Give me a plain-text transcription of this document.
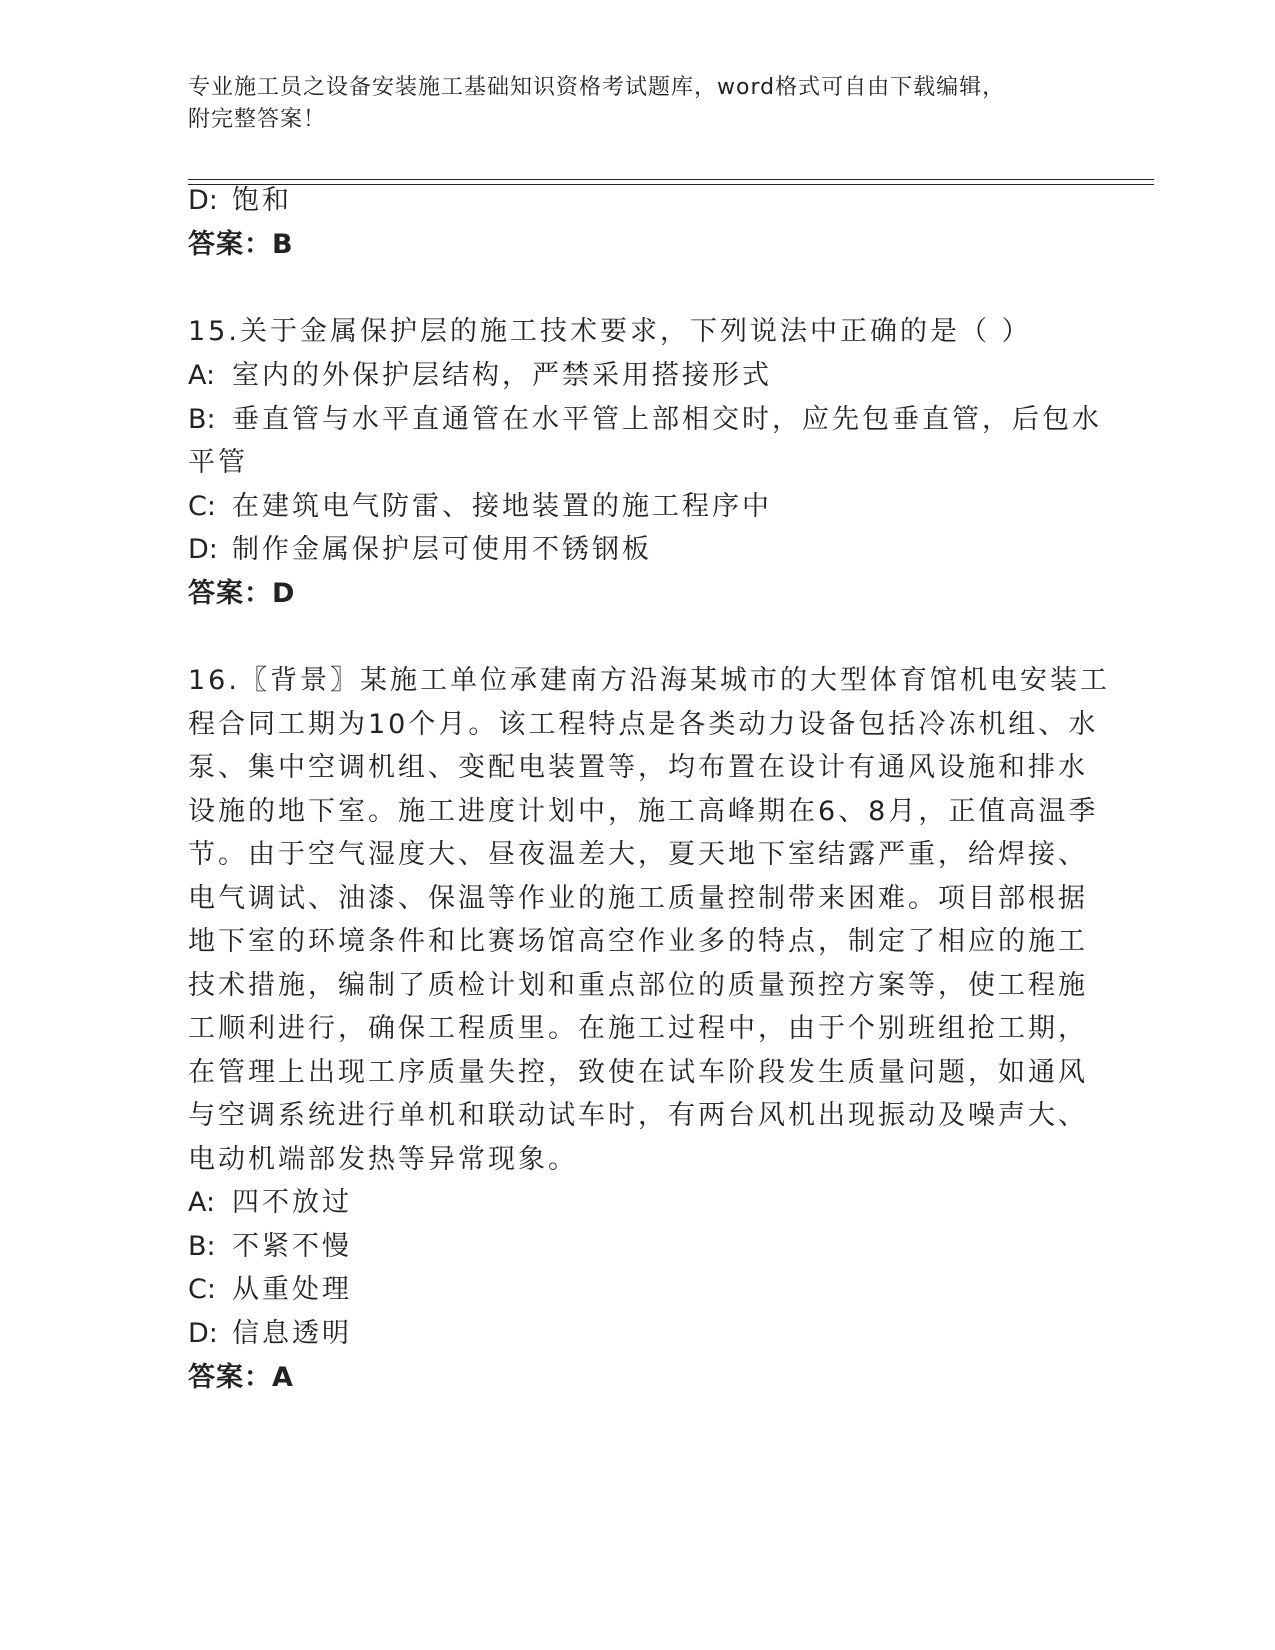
专业施工员之设备安装施工基础知识资格考试题库，word格式可自由下载编辑，
附完整答案！
D: 饱和
答案：B
15.关于金属保护层的施工技术要求，下列说法中正确的是（ ）
A: 室内的外保护层结构，严禁采用搭接形式
B: 垂直管与水平直通管在水平管上部相交时，应先包垂直管，后包水
平管
C: 在建筑电气防雷、接地装置的施工程序中
D: 制作金属保护层可使用不锈钢板
答案：D
16.〖背景〗某施工单位承建南方沿海某城市的大型体育馆机电安装工
程合同工期为10个月。该工程特点是各类动力设备包括冷冻机组、水
泵、集中空调机组、变配电装置等，均布置在设计有通风设施和排水
设施的地下室。施工进度计划中，施工高峰期在6、8月，正值高温季
节。由于空气湿度大、昼夜温差大，夏天地下室结露严重，给焊接、
电气调试、油漆、保温等作业的施工质量控制带来困难。项目部根据
地下室的环境条件和比赛场馆高空作业多的特点，制定了相应的施工
技术措施，编制了质检计划和重点部位的质量预控方案等，使工程施
工顺利进行，确保工程质里。在施工过程中，由于个别班组抢工期，
在管理上出现工序质量失控，致使在试车阶段发生质量问题，如通风
与空调系统进行单机和联动试车时，有两台风机出现振动及噪声大、
电动机端部发热等异常现象。
A: 四不放过
B: 不紧不慢
C: 从重处理
D: 信息透明
答案：A
